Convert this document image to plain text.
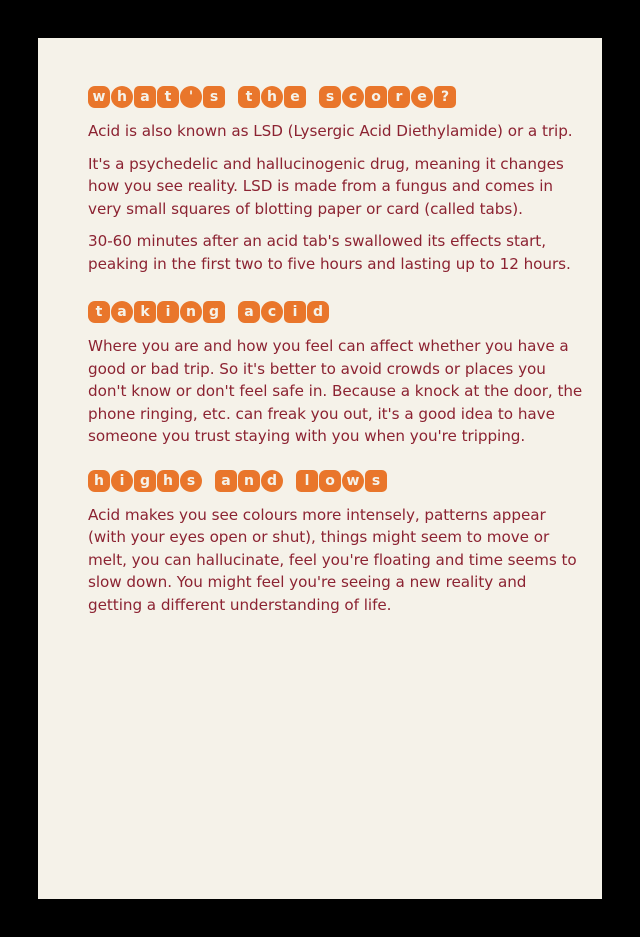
w h a	t	'	s	t	h e	s	c	o	r	e	?

Acid is also known as LSD (Lysergic Acid Diethylamide) or a trip.

It's a psychedelic and hallucinogenic drug, meaning it changes how you see reality. LSD is made from a fungus and comes in very small squares of blotting paper or card (called tabs).

30-60 minutes after an acid tab's swallowed its effects start, peaking in the first two to five hours and lasting up to 12 hours.

t	a k	i	n g	a	c	i	d

Where you are and how you feel can affect whether you have a good or bad trip. So it's better to avoid crowds or places you don't know or don't feel safe in. Because a knock at the door, the phone ringing, etc. can freak you out, it's a good idea to have someone you trust staying with you when you're tripping.

h	i	g h s	a n d	l	o w s

Acid makes you see colours more intensely, patterns appear (with your eyes open or shut), things might seem to move or melt, you can hallucinate, feel you're floating and time seems to slow down. You might feel you're seeing a new reality and getting a different understanding of life.
